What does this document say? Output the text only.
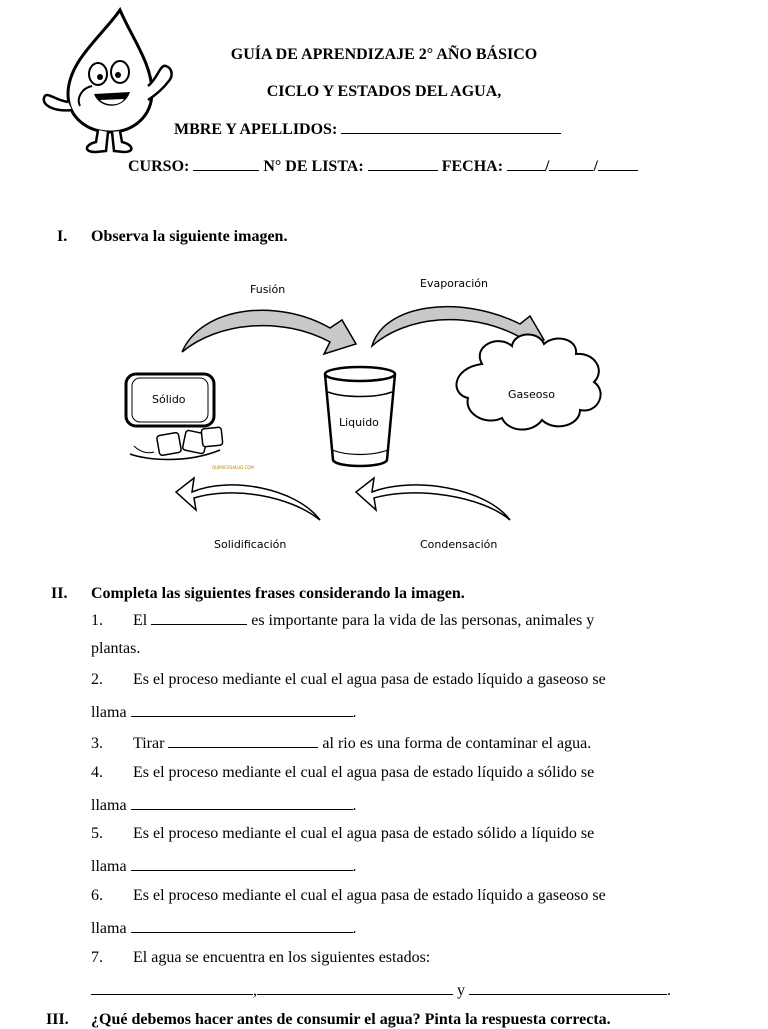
GUÍA DE APRENDIZAJE 2° AÑO BÁSICO
CICLO Y ESTADOS DEL AGUA,
MBRE Y APELLIDOS:
CURSO:	N° DE LISTA:	FECHA:	/	/
I. Observa la siguiente imagen.
Fusión	Evaporación
Sólido
Liquido
Gaseoso
Solidificación	Condensación
QUIMICOSALUD.COM
II. Completa las siguientes frases considerando la imagen.
1. El	es importante para la vida de las personas, animales y
plantas.
2. Es el proceso mediante el cual el agua pasa de estado líquido a gaseoso se
llama	.
3. Tirar	al rio es una forma de contaminar el agua.
4. Es el proceso mediante el cual el agua pasa de estado líquido a sólido se
llama	.
5. Es el proceso mediante el cual el agua pasa de estado sólido a líquido se
llama	.
6. Es el proceso mediante el cual el agua pasa de estado líquido a gaseoso se
llama	.
7. El agua se encuentra en los siguientes estados:
,	y	.
III. ¿Qué debemos hacer antes de consumir el agua? Pinta la respuesta correcta.
